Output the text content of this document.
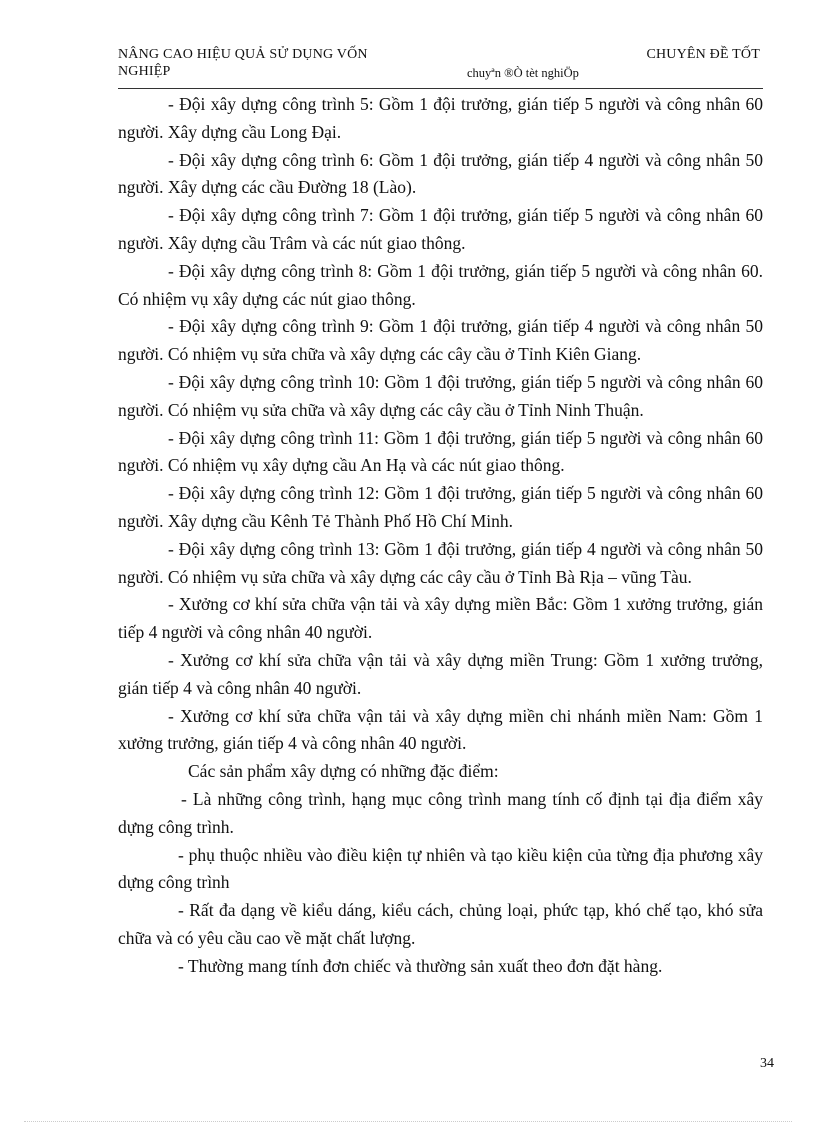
NÂNG CAO HIỆU QUẢ SỬ DỤNG VỐN
NGHIỆP
CHUYÊN ĐỀ TỐT
chuyªn ®Ò tèt nghiÖp

- Đội xây dựng công trình 5: Gồm 1 đội trưởng, gián tiếp 5 người và công nhân 60 người. Xây dựng cầu Long Đại.

- Đội xây dựng công trình 6: Gồm 1 đội trưởng, gián tiếp 4 người và công nhân 50 người. Xây dựng các cầu Đường 18 (Lào).

- Đội xây dựng công trình 7: Gồm 1 đội trưởng, gián tiếp 5 người và công nhân 60 người. Xây dựng cầu Trâm và các nút giao thông.

- Đội xây dựng công trình 8: Gồm 1 đội trưởng, gián tiếp 5 người và công nhân 60. Có nhiệm vụ xây dựng các nút giao thông.

- Đội xây dựng công trình 9: Gồm 1 đội trưởng, gián tiếp 4 người và công nhân 50 người. Có nhiệm vụ sửa chữa và xây dựng các cây cầu ở Tỉnh Kiên Giang.

- Đội xây dựng công trình 10: Gồm 1 đội trưởng, gián tiếp 5 người và công nhân 60 người. Có nhiệm vụ sửa chữa và xây dựng các cây cầu ở Tỉnh Ninh Thuận.

- Đội xây dựng công trình 11: Gồm 1 đội trưởng, gián tiếp 5 người và công nhân 60 người. Có nhiệm vụ xây dựng cầu An Hạ và các nút giao thông.

- Đội xây dựng công trình 12: Gồm 1 đội trưởng, gián tiếp 5 người và công nhân 60 người. Xây dựng cầu Kênh Tẻ Thành Phố Hồ Chí Minh.

- Đội xây dựng công trình 13: Gồm 1 đội trưởng, gián tiếp 4 người và công nhân 50 người. Có nhiệm vụ sửa chữa và xây dựng các cây cầu ở Tỉnh Bà Rịa – vũng Tàu.

- Xưởng cơ khí sửa chữa vận tải và xây dựng miền Bắc: Gồm 1 xưởng trưởng, gián tiếp 4 người và công nhân 40 người.

- Xưởng cơ khí sửa chữa vận tải và xây dựng miền Trung: Gồm 1 xưởng trưởng, gián tiếp 4 và công nhân 40 người.

- Xưởng cơ khí sửa chữa vận tải và xây dựng miền chi nhánh miền Nam: Gồm 1 xưởng trưởng, gián tiếp 4 và công nhân 40 người.

Các sản phẩm xây dựng có những đặc điểm:

- Là những công trình, hạng mục công trình mang tính cố định tại địa điểm xây dựng công trình.

- phụ thuộc nhiều vào điều kiện tự nhiên và tạo kiều kiện của từng địa phương xây dựng công trình

- Rất đa dạng về kiểu dáng, kiểu cách, chủng loại, phức tạp, khó chế tạo, khó sửa chữa và có yêu cầu cao về mặt chất lượng.

- Thường mang tính đơn chiếc và thường sản xuất theo đơn đặt hàng.

34
